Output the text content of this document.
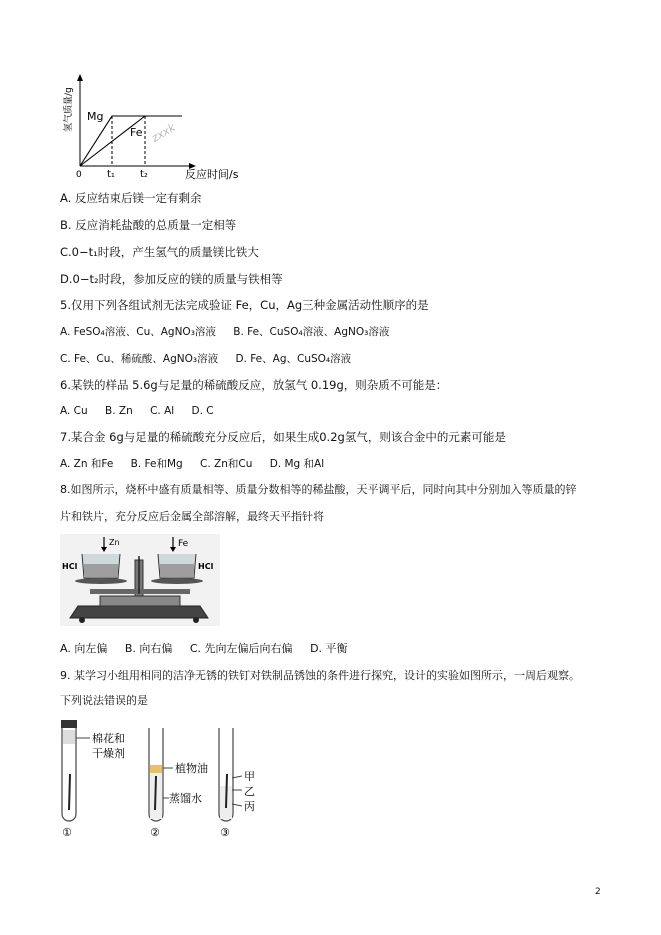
氢气质量/g Mg
Fe zxxk
0	t₁	t₂	反应时间/s
A. 反应结束后镁一定有剩余
B. 反应消耗盐酸的总质量一定相等
C.0−t₁时段，产生氢气的质量镁比铁大
D.0−t₂时段，参加反应的镁的质量与铁相等
5.仅用下列各组试剂无法完成验证 Fe，Cu，Ag三种金属活动性顺序的是
A. FeSO₄溶液、Cu、AgNO₃溶液 B. Fe、CuSO₄溶液、AgNO₃溶液
C. Fe、Cu、稀硫酸、AgNO₃溶液 D. Fe、Ag、CuSO₄溶液
6.某铁的样品 5.6g与足量的稀硫酸反应，放氢气 0.19g，则杂质不可能是：
A. Cu B. Zn C. Al D. C
7.某合金 6g与足量的稀硫酸充分反应后，如果生成0.2g氢气，则该合金中的元素可能是
A. Zn 和Fe B. Fe和Mg C. Zn和Cu D. Mg 和Al
8.如图所示，烧杯中盛有质量相等、质量分数相等的稀盐酸，天平调平后，同时向其中分别加入等质量的锌
片和铁片，充分反应后金属全部溶解，最终天平指针将
Zn	Fe
HCl	HCl
A. 向左偏 B. 向右偏 C. 先向左偏后向右偏 D. 平衡
9. 某学习小组用相同的洁净无锈的铁钉对铁制品锈蚀的条件进行探究，设计的实验如图所示，一周后观察。
下列说法错误的是
棉花和
干燥剂
①
植物油
蒸馏水
②
甲
乙
丙
③
2
